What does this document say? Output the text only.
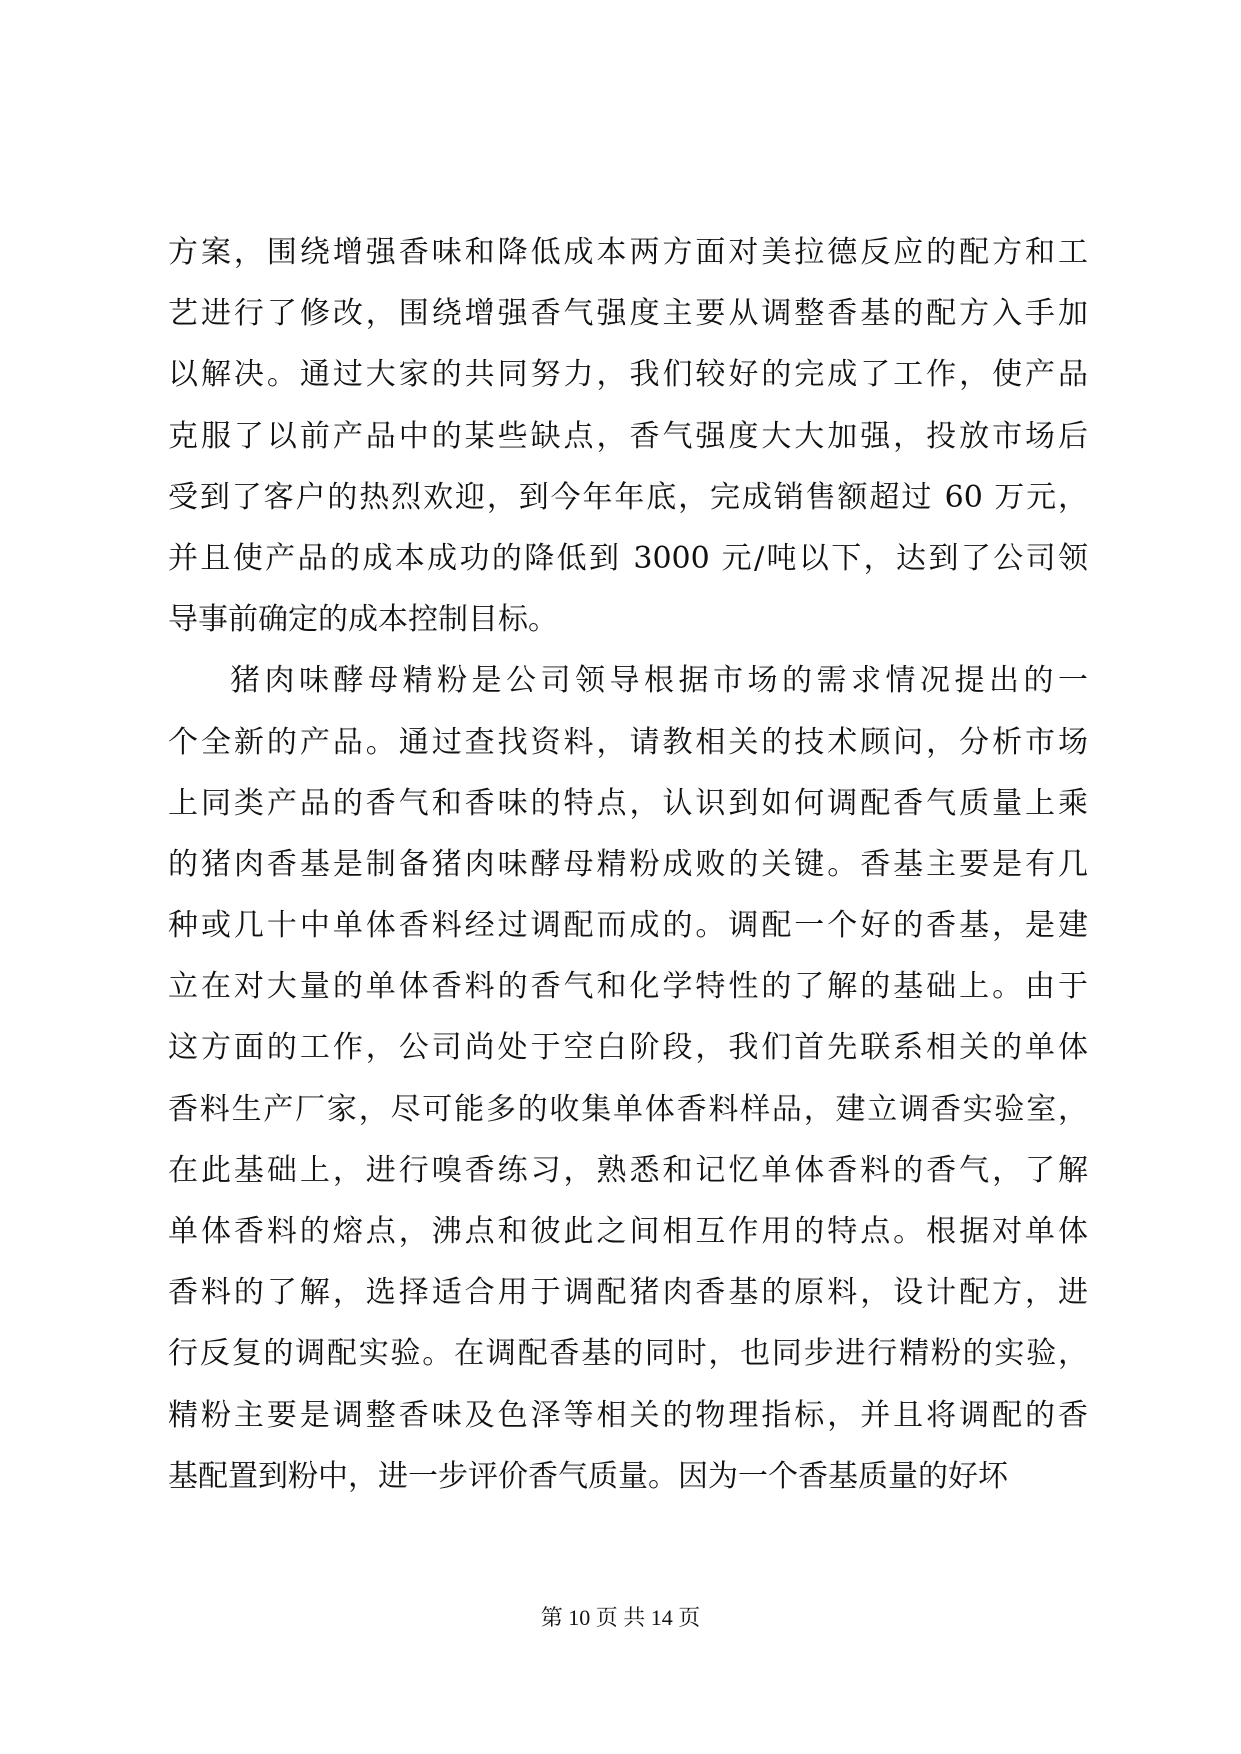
方案，围绕增强香味和降低成本两方面对美拉德反应的配方和工
艺进行了修改，围绕增强香气强度主要从调整香基的配方入手加
以解决。通过大家的共同努力，我们较好的完成了工作，使产品
克服了以前产品中的某些缺点，香气强度大大加强，投放市场后
受到了客户的热烈欢迎，到今年年底，完成销售额超过 60 万元，
并且使产品的成本成功的降低到 3000 元/吨以下，达到了公司领
导事前确定的成本控制目标。
猪肉味酵母精粉是公司领导根据市场的需求情况提出的一
个全新的产品。通过查找资料，请教相关的技术顾问，分析市场
上同类产品的香气和香味的特点，认识到如何调配香气质量上乘
的猪肉香基是制备猪肉味酵母精粉成败的关键。香基主要是有几
种或几十中单体香料经过调配而成的。调配一个好的香基，是建
立在对大量的单体香料的香气和化学特性的了解的基础上。由于
这方面的工作，公司尚处于空白阶段，我们首先联系相关的单体
香料生产厂家，尽可能多的收集单体香料样品，建立调香实验室，
在此基础上，进行嗅香练习，熟悉和记忆单体香料的香气，了解
单体香料的熔点，沸点和彼此之间相互作用的特点。根据对单体
香料的了解，选择适合用于调配猪肉香基的原料，设计配方，进
行反复的调配实验。在调配香基的同时，也同步进行精粉的实验，
精粉主要是调整香味及色泽等相关的物理指标，并且将调配的香
基配置到粉中，进一步评价香气质量。因为一个香基质量的好坏
第 10 页 共 14 页
